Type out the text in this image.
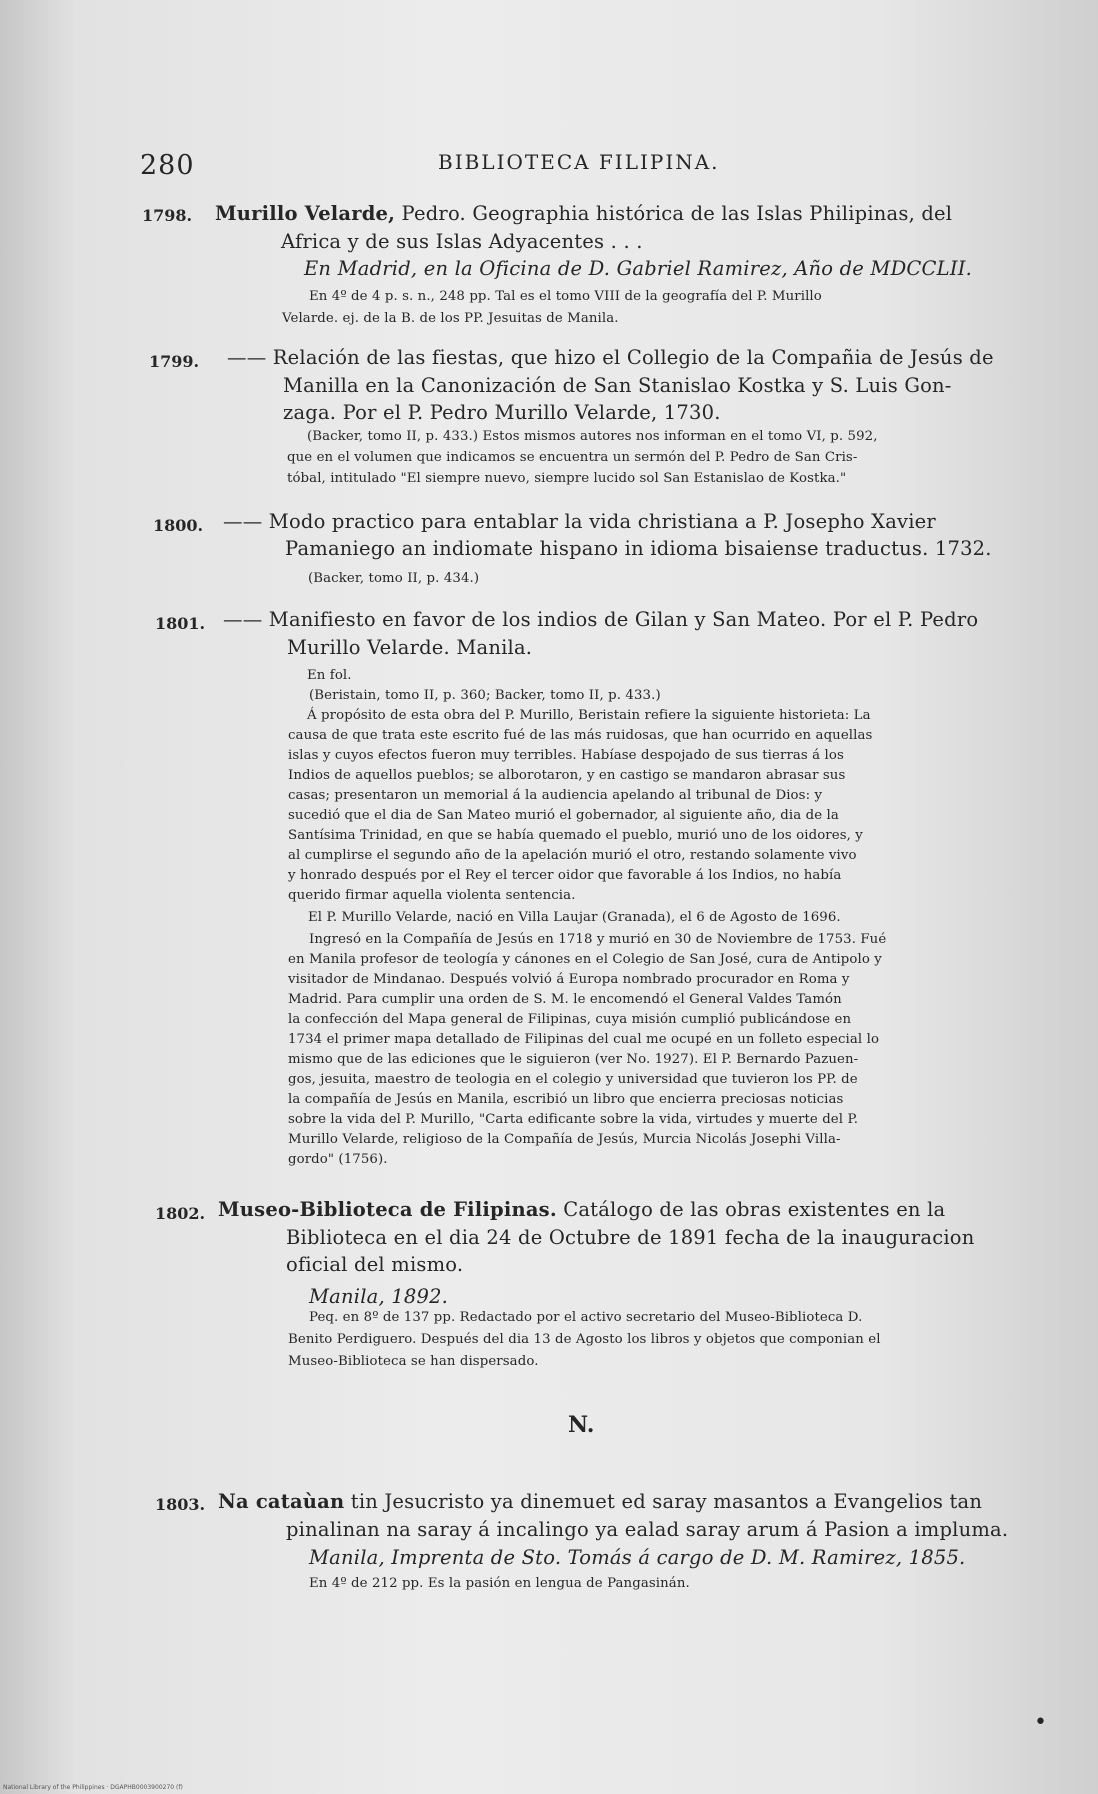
280	BIBLIOTECA FILIPINA.
1798. Murillo Velarde, Pedro. Geographia histórica de las Islas Philipinas, del
Africa y de sus Islas Adyacentes . . .
En Madrid, en la Oficina de D. Gabriel Ramirez, Año de MDCCLII.
En 4º de 4 p. s. n., 248 pp. Tal es el tomo VIII de la geografía del P. Murillo
Velarde. ej. de la B. de los PP. Jesuitas de Manila.
1799. —— Relación de las fiestas, que hizo el Collegio de la Compañia de Jesús de
Manilla en la Canonización de San Stanislao Kostka y S. Luis Gon-
zaga. Por el P. Pedro Murillo Velarde, 1730.
(Backer, tomo II, p. 433.) Estos mismos autores nos informan en el tomo VI, p. 592,
que en el volumen que indicamos se encuentra un sermón del P. Pedro de San Cris-
tóbal, intitulado "El siempre nuevo, siempre lucido sol San Estanislao de Kostka."
1800. —— Modo practico para entablar la vida christiana a P. Josepho Xavier
Pamaniego an indiomate hispano in idioma bisaiense traductus. 1732.
(Backer, tomo II, p. 434.)
1801. —— Manifiesto en favor de los indios de Gilan y San Mateo. Por el P. Pedro
Murillo Velarde. Manila.
En fol.
(Beristain, tomo II, p. 360; Backer, tomo II, p. 433.)
Á propósito de esta obra del P. Murillo, Beristain refiere la siguiente historieta: La
causa de que trata este escrito fué de las más ruidosas, que han ocurrido en aquellas
islas y cuyos efectos fueron muy terribles. Habíase despojado de sus tierras á los
Indios de aquellos pueblos; se alborotaron, y en castigo se mandaron abrasar sus
casas; presentaron un memorial á la audiencia apelando al tribunal de Dios: y
sucedió que el dia de San Mateo murió el gobernador, al siguiente año, dia de la
Santísima Trinidad, en que se había quemado el pueblo, murió uno de los oidores, y
al cumplirse el segundo año de la apelación murió el otro, restando solamente vivo
y honrado después por el Rey el tercer oidor que favorable á los Indios, no había
querido firmar aquella violenta sentencia.
El P. Murillo Velarde, nació en Villa Laujar (Granada), el 6 de Agosto de 1696.
Ingresó en la Compañía de Jesús en 1718 y murió en 30 de Noviembre de 1753. Fué
en Manila profesor de teología y cánones en el Colegio de San José, cura de Antipolo y
visitador de Mindanao. Después volvió á Europa nombrado procurador en Roma y
Madrid. Para cumplir una orden de S. M. le encomendó el General Valdes Tamón
la confección del Mapa general de Filipinas, cuya misión cumplió publicándose en
1734 el primer mapa detallado de Filipinas del cual me ocupé en un folleto especial lo
mismo que de las ediciones que le siguieron (ver No. 1927). El P. Bernardo Pazuen-
gos, jesuita, maestro de teologia en el colegio y universidad que tuvieron los PP. de
la compañía de Jesús en Manila, escribió un libro que encierra preciosas noticias
sobre la vida del P. Murillo, "Carta edificante sobre la vida, virtudes y muerte del P.
Murillo Velarde, religioso de la Compañía de Jesús, Murcia Nicolás Josephi Villa-
gordo" (1756).
1802. Museo-Biblioteca de Filipinas. Catálogo de las obras existentes en la
Biblioteca en el dia 24 de Octubre de 1891 fecha de la inauguracion
oficial del mismo.
Manila, 1892.
Peq. en 8º de 137 pp. Redactado por el activo secretario del Museo-Biblioteca D.
Benito Perdiguero. Después del dia 13 de Agosto los libros y objetos que componian el
Museo-Biblioteca se han dispersado.
1803. Na cataùan tin Jesucristo ya dinemuet ed saray masantos a Evangelios tan
pinalinan na saray á incalingo ya ealad saray arum á Pasion a impluma.
Manila, Imprenta de Sto. Tomás á cargo de D. M. Ramirez, 1855.
En 4º de 212 pp. Es la pasión en lengua de Pangasinán.
N.
•
National Library of the Philippines · DGAPHB0003900270 (f)
